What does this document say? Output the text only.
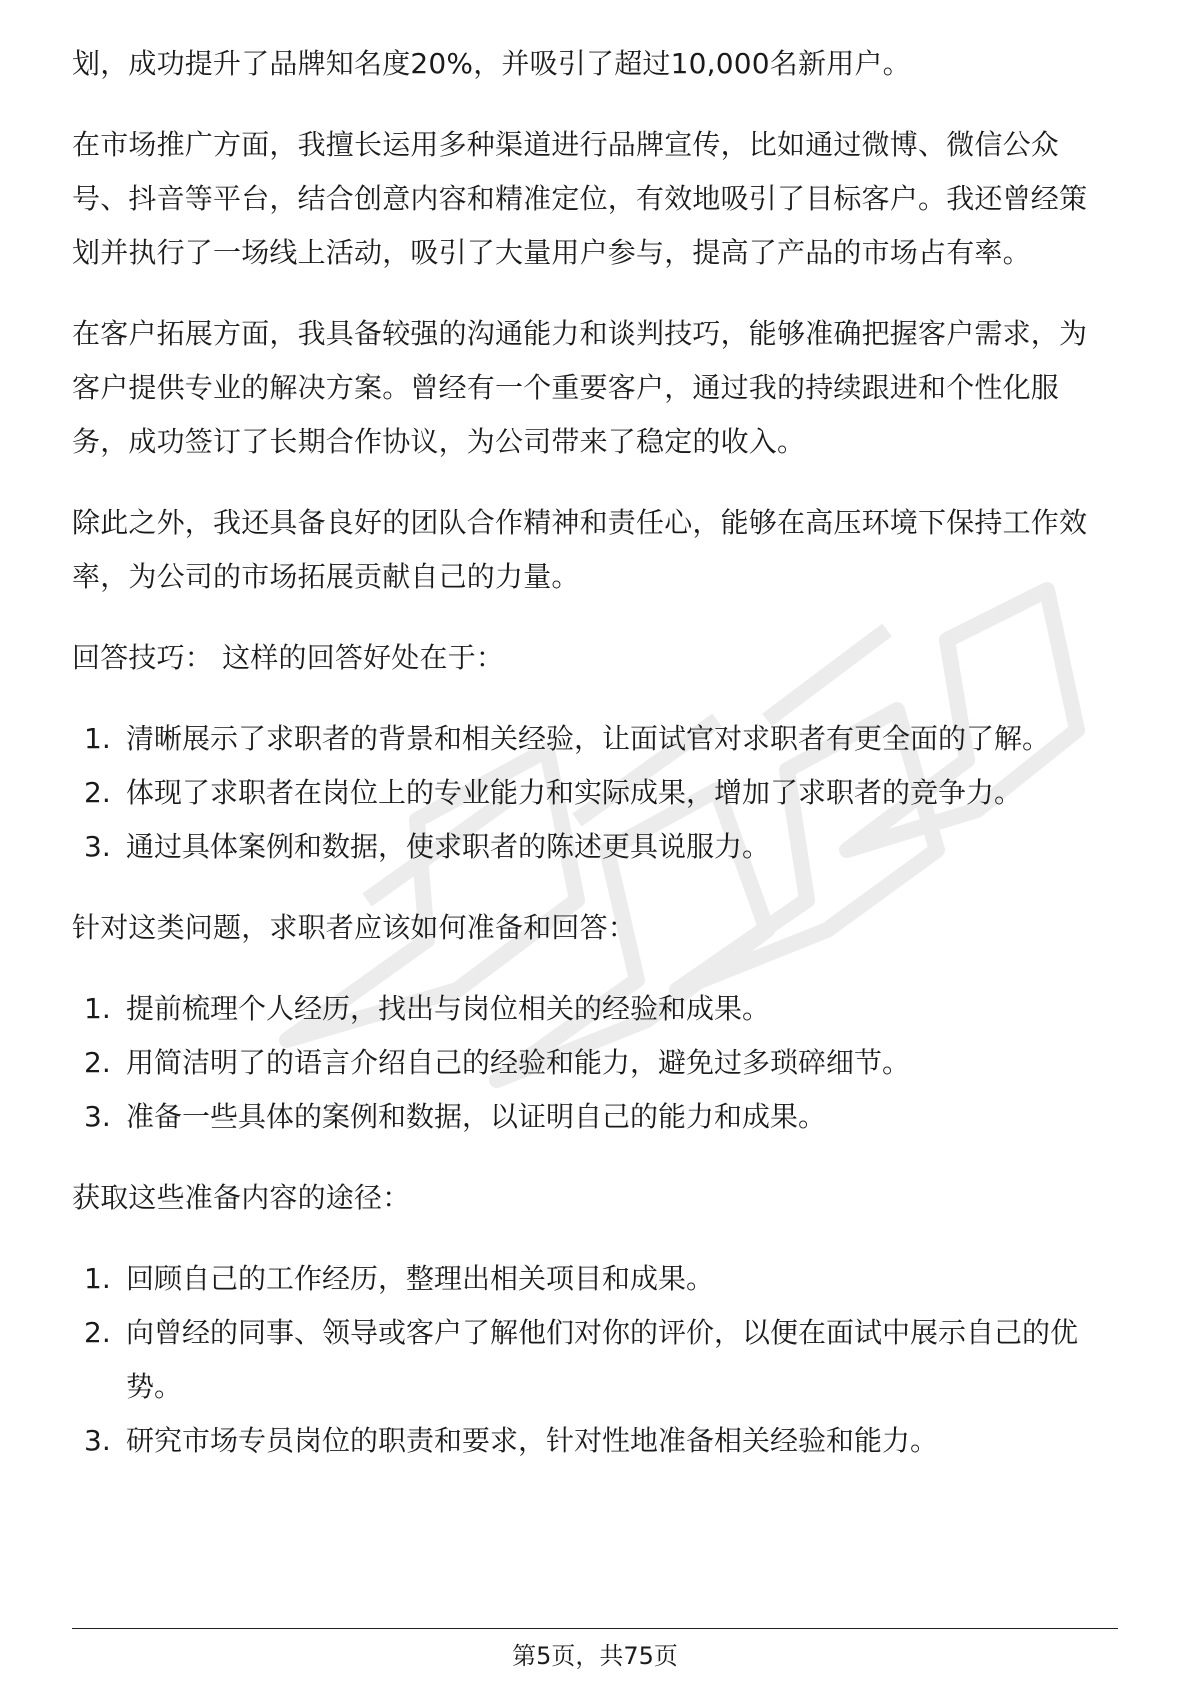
划，成功提升了品牌知名度20%，并吸引了超过10,000名新用户。

在市场推广方面，我擅长运用多种渠道进行品牌宣传，比如通过微博、微信公众

号、抖音等平台，结合创意内容和精准定位，有效地吸引了目标客户。我还曾经策

划并执行了一场线上活动，吸引了大量用户参与，提高了产品的市场占有率。

在客户拓展方面，我具备较强的沟通能力和谈判技巧，能够准确把握客户需求，为

客户提供专业的解决方案。曾经有一个重要客户，通过我的持续跟进和个性化服

务，成功签订了长期合作协议，为公司带来了稳定的收入。

除此之外，我还具备良好的团队合作精神和责任心，能够在高压环境下保持工作效

率，为公司的市场拓展贡献自己的力量。

回答技巧： 这样的回答好处在于：

1. 清晰展示了求职者的背景和相关经验，让面试官对求职者有更全面的了解。
2. 体现了求职者在岗位上的专业能力和实际成果，增加了求职者的竞争力。
3. 通过具体案例和数据，使求职者的陈述更具说服力。

针对这类问题，求职者应该如何准备和回答：

1. 提前梳理个人经历，找出与岗位相关的经验和成果。
2. 用简洁明了的语言介绍自己的经验和能力，避免过多琐碎细节。
3. 准备一些具体的案例和数据，以证明自己的能力和成果。

获取这些准备内容的途径：

1. 回顾自己的工作经历，整理出相关项目和成果。
2. 向曾经的同事、领导或客户了解他们对你的评价，以便在面试中展示自己的优
势。
3. 研究市场专员岗位的职责和要求，针对性地准备相关经验和能力。
第5页，共75页
